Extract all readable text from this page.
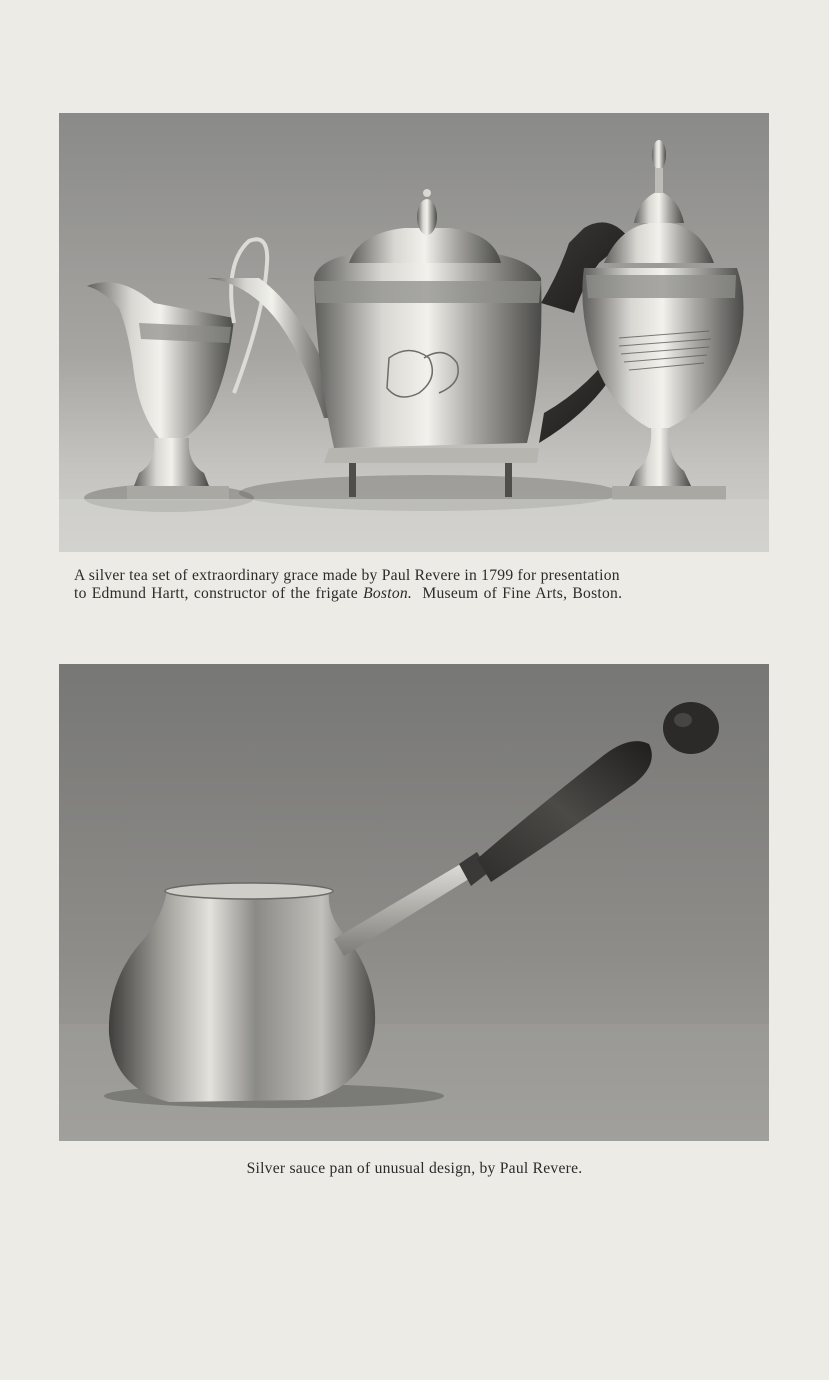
A silver tea set of extraordinary grace made by Paul Revere in 1799 for presentation
to Edmund Hartt, constructor of the frigate Boston.  Museum of Fine Arts, Boston.

Silver sauce pan of unusual design, by Paul Revere.
